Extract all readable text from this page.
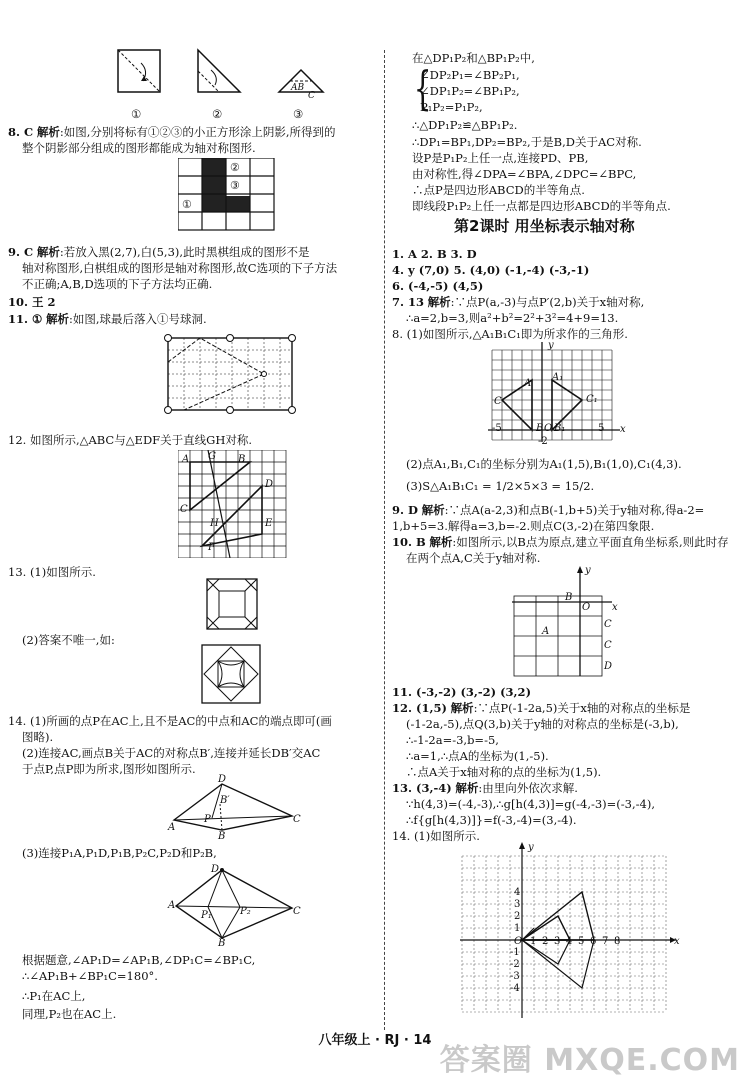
①	②	③
AB
C
8. C 解析:如图,分别将标有①②③的小正方形涂上阴影,所得到的
整个阴影部分组成的图形都能成为轴对称图形.
②
③
①
9. C 解析:若放入黑(2,7),白(5,3),此时黑棋组成的图形不是
轴对称图形,白棋组成的图形是轴对称图形,故C选项的下子方法
不正确;A,B,D选项的下子方法均正确.
10. 王 2
11. ① 解析:如图,球最后落入①号球洞.
12. 如图所示,△ABC与△EDF关于直线GH对称.
G B
A
C
D
E
H
F
13. (1)如图所示.
(2)答案不唯一,如:
14. (1)所画的点P在AC上,且不是AC的中点和AC的端点即可(画
图略).
(2)连接AC,画点B关于AC的对称点B′,连接并延长DB′交AC
于点P,点P即为所求,图形如图所示.
D
B′
A
P	C
B
(3)连接P₁A,P₁D,P₁B,P₂C,P₂D和P₂B,
D
A
P₁	P₂	C
B
根据题意,∠AP₁D=∠AP₁B,∠DP₁C=∠BP₁C,
∴∠AP₁B+∠BP₁C=180°.
∴P₁在AC上,
同理,P₂也在AC上.
在△DP₁P₂和△BP₁P₂中,
{
∠DP₂P₁=∠BP₂P₁,
∠DP₁P₂=∠BP₁P₂,
P₁P₂=P₁P₂,
∴△DP₁P₂≌△BP₁P₂.
∴DP₁=BP₁,DP₂=BP₂,于是B,D关于AC对称.
设P是P₁P₂上任一点,连接PD、PB,
由对称性,得∠DPA=∠BPA,∠DPC=∠BPC,
∴点P是四边形ABCD的半等角点.
即线段P₁P₂上任一点都是四边形ABCD的半等角点.
第2课时 用坐标表示轴对称
1. A 2. B 3. D
4. y (7,0) 5. (4,0) (-1,-4) (-3,-1)
6. (-4,-5) (4,5)
7. 13 解析:∵点P(a,-3)与点P′(2,b)关于x轴对称,
∴a=2,b=3,则a²+b²=2²+3²=4+9=13.
8. (1)如图所示,△A₁B₁C₁即为所求作的三角形.
y
A
A₁
C	C₁
B B₁
-5	O	5 x
-2
(2)点A₁,B₁,C₁的坐标分别为A₁(1,5),B₁(1,0),C₁(4,3).
(3)S△A₁B₁C₁ = 1/2×5×3 = 15/2.
9. D 解析:∵点A(a-2,3)和点B(-1,b+5)关于y轴对称,得a-2=
1,b+5=3.解得a=3,b=-2.则点C(3,-2)在第四象限.
10. B 解析:如图所示,以B点为原点,建立平面直角坐标系,则此时存
在两个点A,C关于y轴对称.
y
B
O x
C
A
C
D
11. (-3,-2) (3,-2) (3,2)
12. (1,5) 解析:∵点P(-1-2a,5)关于x轴的对称点的坐标是
(-1-2a,-5),点Q(3,b)关于y轴的对称点的坐标是(-3,b),
∴-1-2a=-3,b=-5,
∴a=1,∴点A的坐标为(1,-5).
∴点A关于x轴对称的点的坐标为(1,5).
13. (3,-4) 解析:由里向外依次求解.
∵h(4,3)=(-4,-3),∴g[h(4,3)]=g(-4,-3)=(-3,-4),
∴f{g[h(4,3)]}=f(-3,-4)=(3,-4).
14. (1)如图所示.
y
4
3
2
1
O 1 2 3 4 5 6 7 8	x
-1
-2
-3
-4
八年级上 · RJ · 14
答案圈 MXQE.COM
